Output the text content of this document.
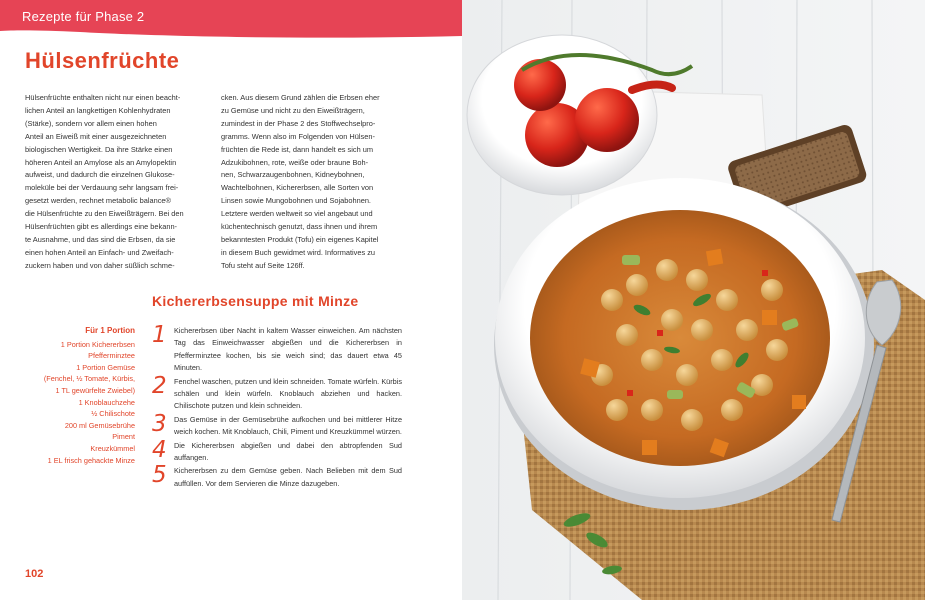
Rezepte für Phase 2
Hülsenfrüchte
Hülsenfrüchte enthalten nicht nur einen beacht-
lichen Anteil an langkettigen Kohlenhydraten
(Stärke), sondern vor allem einen hohen
Anteil an Eiweiß mit einer ausgezeichneten
biologischen Wertigkeit. Da ihre Stärke einen
höheren Anteil an Amylose als an Amylopektin
aufweist, und dadurch die einzelnen Glukose-
moleküle bei der Verdauung sehr langsam frei-
gesetzt werden, rechnet metabolic balance®
die Hülsenfrüchte zu den Eiweißträgern. Bei den
Hülsenfrüchten gibt es allerdings eine bekann-
te Ausnahme, und das sind die Erbsen, da sie
einen hohen Anteil an Einfach- und Zweifach-
zuckern haben und von daher süßlich schme-
cken. Aus diesem Grund zählen die Erbsen eher
zu Gemüse und nicht zu den Eiweißträgern,
zumindest in der Phase 2 des Stoffwechselpro-
gramms. Wenn also im Folgenden von Hülsen-
früchten die Rede ist, dann handelt es sich um
Adzukibohnen, rote, weiße oder braune Boh-
nen, Schwarzaugenbohnen, Kidneybohnen,
Wachtelbohnen, Kichererbsen, alle Sorten von
Linsen sowie Mungobohnen und Sojabohnen.
Letztere werden weltweit so viel angebaut und
küchentechnisch genutzt, dass ihnen und ihrem
bekanntesten Produkt (Tofu) ein eigenes Kapitel
in diesem Buch gewidmet wird. Informatives zu
Tofu steht auf Seite 126ff.
Kichererbsensuppe mit Minze
Für 1 Portion
1 Portion Kichererbsen
Pfefferminztee
1 Portion Gemüse
(Fenchel, ½ Tomate, Kürbis,
1 TL gewürfelte Zwiebel)
1 Knoblauchzehe
½ Chilischote
200 ml Gemüsebrühe
Piment
Kreuzkümmel
1 EL frisch gehackte Minze
1 Kichererbsen über Nacht in kaltem Wasser einweichen. Am nächsten Tag das Einweichwasser abgießen und die Kichererbsen in Pfefferminztee kochen, bis sie weich sind; das dauert etwa 45 Minuten.
2 Fenchel waschen, putzen und klein schneiden. Tomate würfeln. Kürbis schälen und klein würfeln. Knoblauch abziehen und hacken. Chilischote putzen und klein schneiden.
3 Das Gemüse in der Gemüsebrühe aufkochen und bei mittlerer Hitze weich kochen. Mit Knoblauch, Chili, Piment und Kreuzkümmel würzen.
4 Die Kichererbsen abgießen und dabei den abtropfenden Sud auffangen.
5 Kichererbsen zu dem Gemüse geben. Nach Belieben mit dem Sud auffüllen. Vor dem Servieren die Minze dazugeben.
102
